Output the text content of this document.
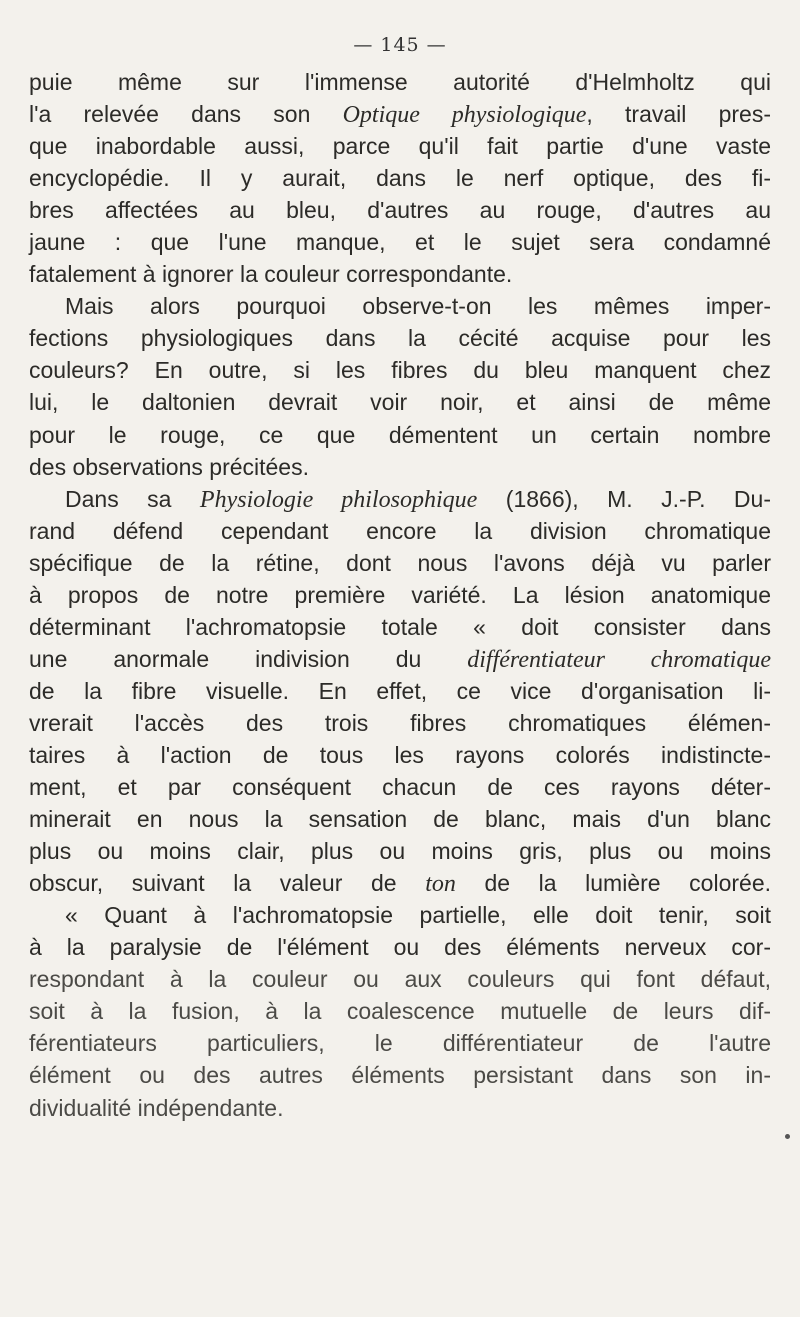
— 145 —
puie même sur l'immense autorité d'Helmholtz qui
l'a relevée dans son Optique physiologique, travail pres-
que inabordable aussi, parce qu'il fait partie d'une vaste
encyclopédie. Il y aurait, dans le nerf optique, des fi-
bres affectées au bleu, d'autres au rouge, d'autres au
jaune : que l'une manque, et le sujet sera condamné
fatalement à ignorer la couleur correspondante.
Mais alors pourquoi observe-t-on les mêmes imper-
fections physiologiques dans la cécité acquise pour les
couleurs? En outre, si les fibres du bleu manquent chez
lui, le daltonien devrait voir noir, et ainsi de même
pour le rouge, ce que démentent un certain nombre
des observations précitées.
Dans sa Physiologie philosophique (1866), M. J.-P. Du-
rand défend cependant encore la division chromatique
spécifique de la rétine, dont nous l'avons déjà vu parler
à propos de notre première variété. La lésion anatomique
déterminant l'achromatopsie totale « doit consister dans
une anormale indivision du différentiateur chromatique
de la fibre visuelle. En effet, ce vice d'organisation li-
vrerait l'accès des trois fibres chromatiques élémen-
taires à l'action de tous les rayons colorés indistincte-
ment, et par conséquent chacun de ces rayons déter-
minerait en nous la sensation de blanc, mais d'un blanc
plus ou moins clair, plus ou moins gris, plus ou moins
obscur, suivant la valeur de ton de la lumière colorée.
« Quant à l'achromatopsie partielle, elle doit tenir, soit
à la paralysie de l'élément ou des éléments nerveux cor-
respondant à la couleur ou aux couleurs qui font défaut,
soit à la fusion, à la coalescence mutuelle de leurs dif-
férentiateurs particuliers, le différentiateur de l'autre
élément ou des autres éléments persistant dans son in-
dividualité indépendante.
